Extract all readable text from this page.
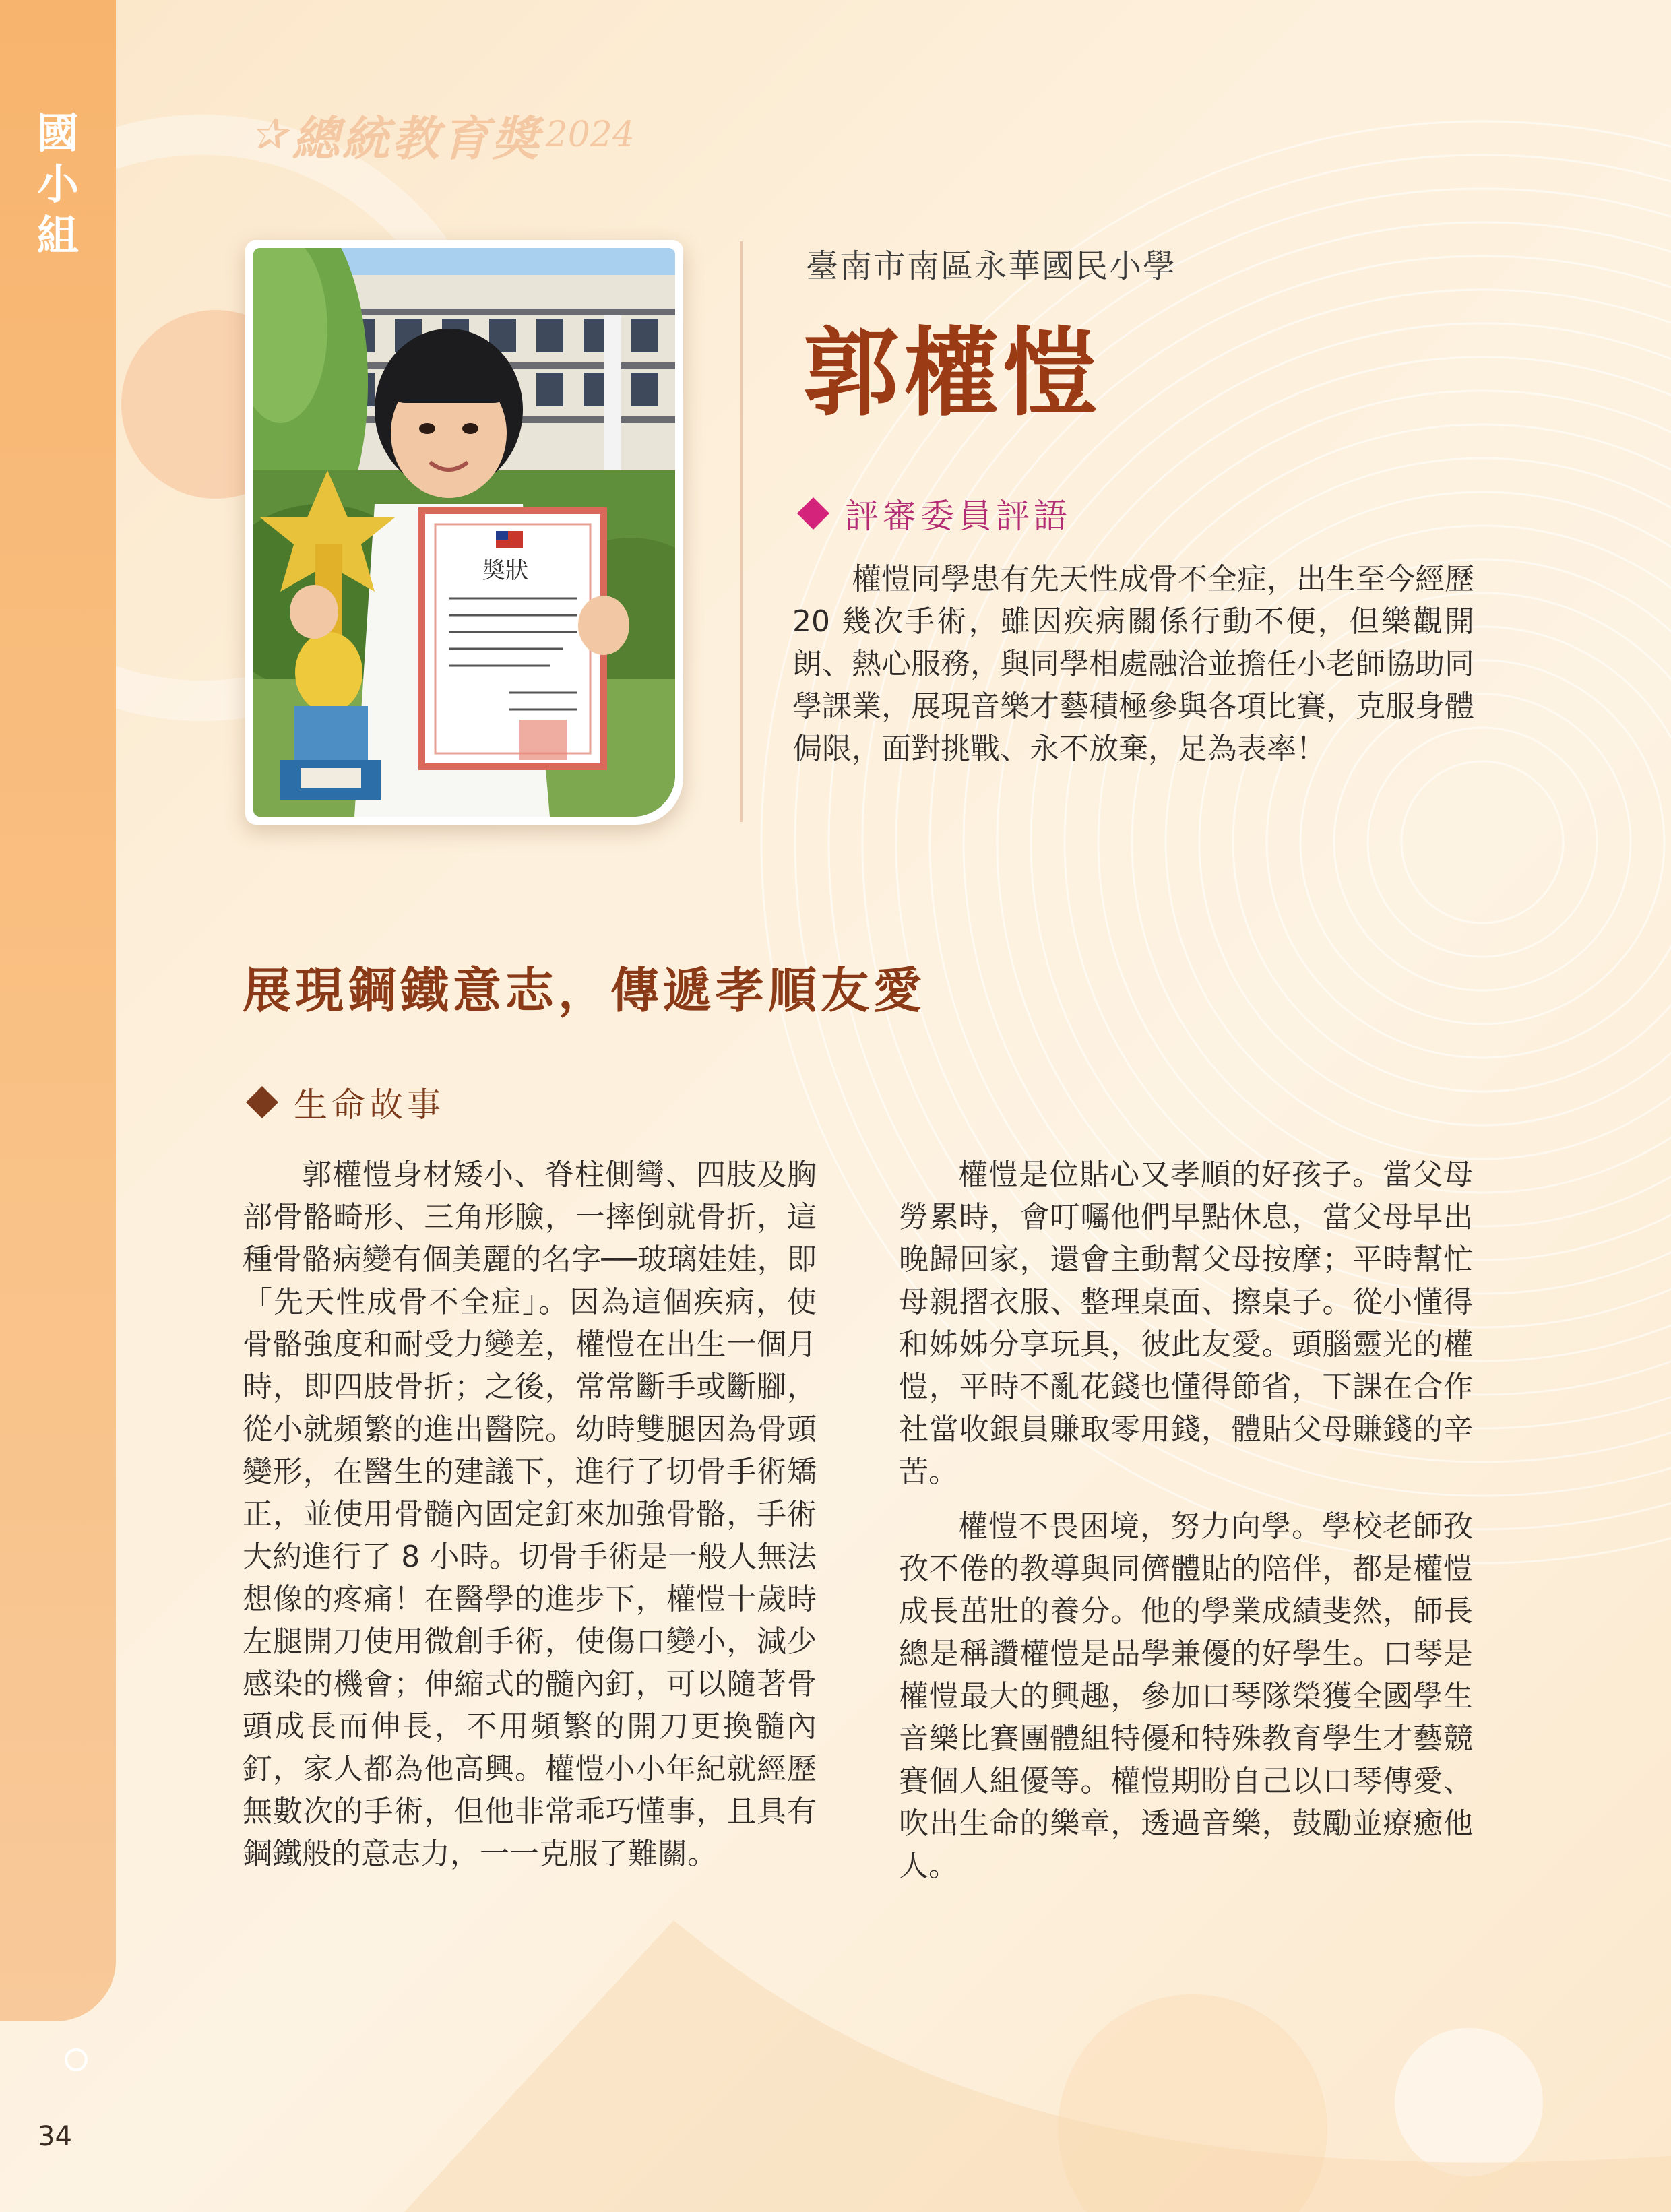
國小組
34
✰ 總統教育獎 2024
奬狀
臺南市南區永華國民小學
郭權愷
評審委員評語

權愷同學患有先天性成骨不全症，出生至今經歷 20 幾次手術，雖因疾病關係行動不便，但樂觀開朗、熱心服務，與同學相處融洽並擔任小老師協助同學課業，展現音樂才藝積極參與各項比賽，克服身體侷限，面對挑戰、永不放棄，足為表率！

展現鋼鐵意志，傳遞孝順友愛
生命故事

郭權愷身材矮小、脊柱側彎、四肢及胸部骨骼畸形、三角形臉，一摔倒就骨折，這種骨骼病變有個美麗的名字──玻璃娃娃，即「先天性成骨不全症」。因為這個疾病，使骨骼強度和耐受力變差，權愷在出生一個月時，即四肢骨折；之後，常常斷手或斷腳，從小就頻繁的進出醫院。幼時雙腿因為骨頭變形，在醫生的建議下，進行了切骨手術矯正，並使用骨髓內固定釘來加強骨骼，手術大約進行了 8 小時。切骨手術是一般人無法想像的疼痛！在醫學的進步下，權愷十歲時左腿開刀使用微創手術，使傷口變小，減少感染的機會；伸縮式的髓內釘，可以隨著骨頭成長而伸長，不用頻繁的開刀更換髓內釘，家人都為他高興。權愷小小年紀就經歷無數次的手術，但他非常乖巧懂事，且具有鋼鐵般的意志力，一一克服了難關。

權愷是位貼心又孝順的好孩子。當父母勞累時，會叮囑他們早點休息，當父母早出晚歸回家，還會主動幫父母按摩；平時幫忙母親摺衣服、整理桌面、擦桌子。從小懂得和姊姊分享玩具，彼此友愛。頭腦靈光的權愷，平時不亂花錢也懂得節省，下課在合作社當收銀員賺取零用錢，體貼父母賺錢的辛苦。

權愷不畏困境，努力向學。學校老師孜孜不倦的教導與同儕體貼的陪伴，都是權愷成長茁壯的養分。他的學業成績斐然，師長總是稱讚權愷是品學兼優的好學生。口琴是權愷最大的興趣，參加口琴隊榮獲全國學生音樂比賽團體組特優和特殊教育學生才藝競賽個人組優等。權愷期盼自己以口琴傳愛、吹出生命的樂章，透過音樂，鼓勵並療癒他人。
